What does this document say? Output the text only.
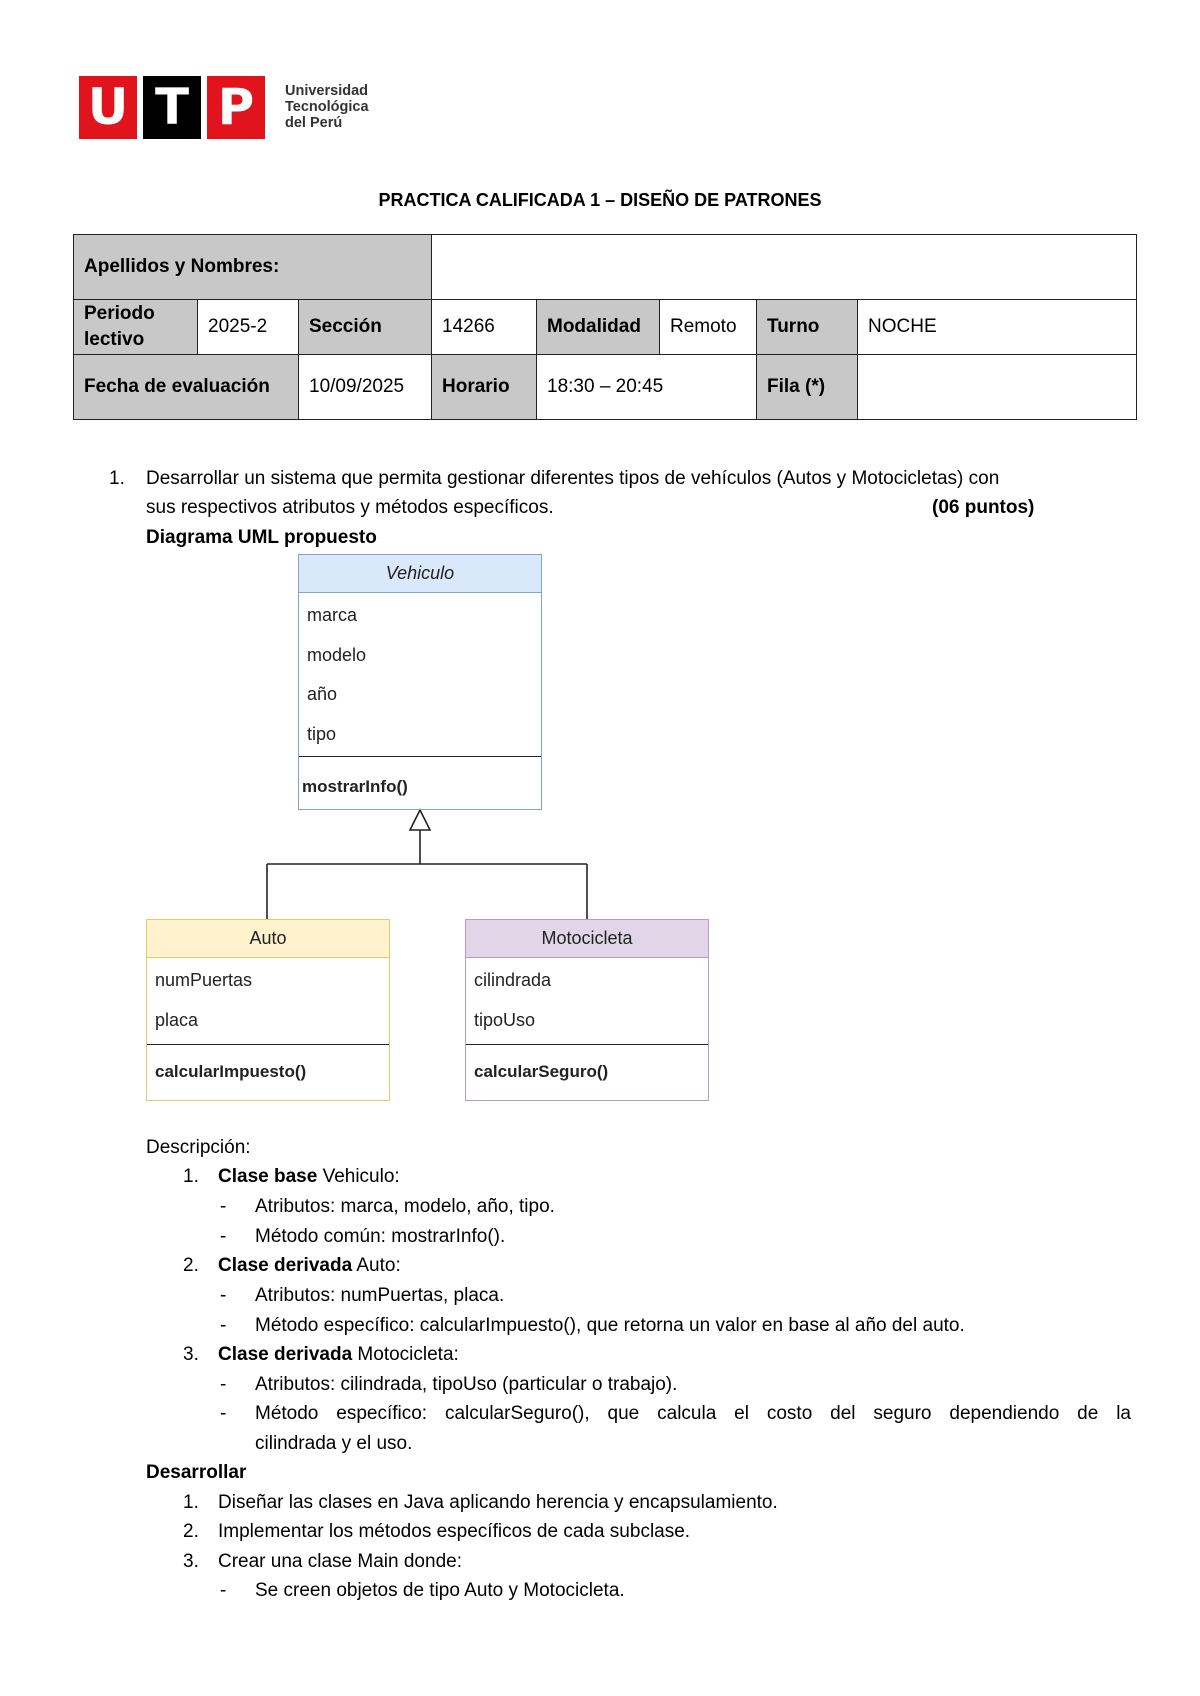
U T P	Universidad
Tecnológica
del Perú
PRACTICA CALIFICADA 1 – DISEÑO DE PATRONES
Apellidos y Nombres:
Periodo
lectivo
2025-2	Sección	14266	Modalidad	Remoto	Turno	NOCHE
Fecha de evaluación	10/09/2025	Horario	18:30 – 20:45	Fila (*)
1. Desarrollar un sistema que permita gestionar diferentes tipos de vehículos (Autos y Motocicletas) con
sus respectivos atributos y métodos específicos.	(06 puntos)
Diagrama UML propuesto
Vehiculo
marca
modelo
año
tipo
mostrarInfo()
Auto
numPuertas
placa
calcularImpuesto()
Motocicleta
cilindrada
tipoUso
calcularSeguro()
Descripción:
1. Clase base Vehiculo:
- Atributos: marca, modelo, año, tipo.
- Método común: mostrarInfo().
2. Clase derivada Auto:
- Atributos: numPuertas, placa.
- Método específico: calcularImpuesto(), que retorna un valor en base al año del auto.
3. Clase derivada Motocicleta:
- Atributos: cilindrada, tipoUso (particular o trabajo).
- Método específico: calcularSeguro(), que calcula el costo del seguro dependiendo de la
cilindrada y el uso.
Desarrollar
1. Diseñar las clases en Java aplicando herencia y encapsulamiento.
2. Implementar los métodos específicos de cada subclase.
3. Crear una clase Main donde:
- Se creen objetos de tipo Auto y Motocicleta.
